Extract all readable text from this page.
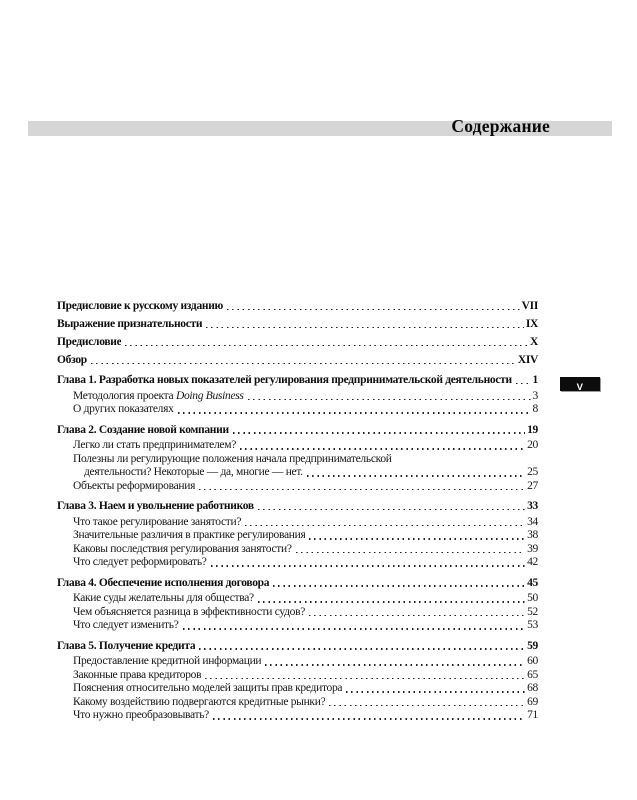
Содержание
V
Предисловие к русскому изданию	VII
Выражение признательности	IX
Предисловие	X
Обзор	XIV
Глава 1. Разработка новых показателей регулирования предпринимательской деятельности 1
Методология проекта Doing Business	3
О других показателях	8
Глава 2. Создание новой компании	19
Легко ли стать предпринимателем?	20
Полезны ли регулирующие положения начала предпринимательской
деятельности? Некоторые — да, многие — нет.	25
Объекты реформирования	27
Глава 3. Наем и увольнение работников	33
Что такое регулирование занятости?	34
Значительные различия в практике регулирования	38
Каковы последствия регулирования занятости?	39
Что следует реформировать?	42
Глава 4. Обеспечение исполнения договора	45
Какие суды желательны для общества?	50
Чем объясняется разница в эффективности судов?	52
Что следует изменить?	53
Глава 5. Получение кредита	59
Предоставление кредитной информации	60
Законные права кредиторов	65
Пояснения относительно моделей защиты прав кредитора	68
Какому воздействию подвергаются кредитные рынки?	69
Что нужно преобразовывать?	71
